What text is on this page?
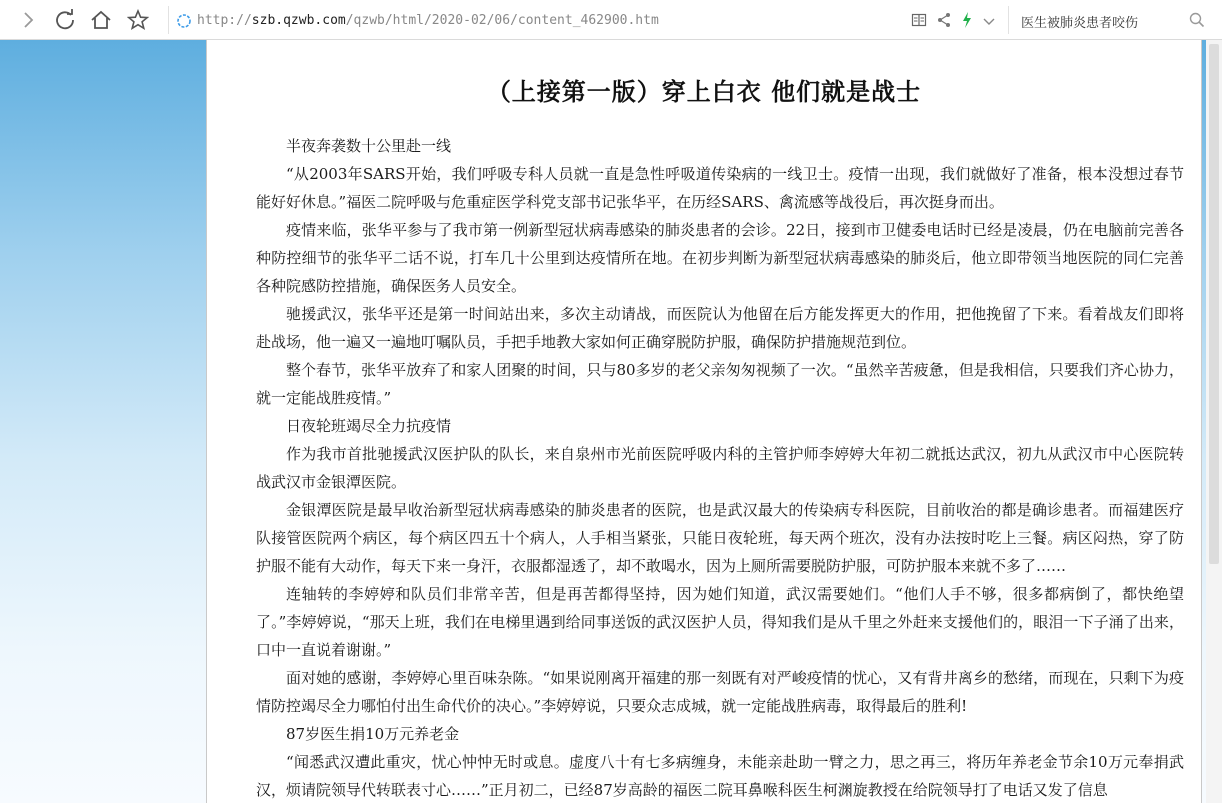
http://szb.qzwb.com/qzwb/html/2020-02/06/content_462900.htm	医生被肺炎患者咬伤
（上接第一版）穿上白衣 他们就是战士

半夜奔袭数十公里赴一线

“从2003年SARS开始，我们呼吸专科人员就一直是急性呼吸道传染病的一线卫士。疫情一出现，我们就做好了准备，根本没想过春节能好好休息。”福医二院呼吸与危重症医学科党支部书记张华平，在历经SARS、禽流感等战役后，再次挺身而出。

疫情来临，张华平参与了我市第一例新型冠状病毒感染的肺炎患者的会诊。22日，接到市卫健委电话时已经是凌晨，仍在电脑前完善各种防控细节的张华平二话不说，打车几十公里到达疫情所在地。在初步判断为新型冠状病毒感染的肺炎后，他立即带领当地医院的同仁完善各种院感防控措施，确保医务人员安全。

驰援武汉，张华平还是第一时间站出来，多次主动请战，而医院认为他留在后方能发挥更大的作用，把他挽留了下来。看着战友们即将赴战场，他一遍又一遍地叮嘱队员，手把手地教大家如何正确穿脱防护服，确保防护措施规范到位。

整个春节，张华平放弃了和家人团聚的时间，只与80多岁的老父亲匆匆视频了一次。“虽然辛苦疲惫，但是我相信，只要我们齐心协力，就一定能战胜疫情。”

日夜轮班竭尽全力抗疫情

作为我市首批驰援武汉医护队的队长，来自泉州市光前医院呼吸内科的主管护师李婷婷大年初二就抵达武汉，初九从武汉市中心医院转战武汉市金银潭医院。

金银潭医院是最早收治新型冠状病毒感染的肺炎患者的医院，也是武汉最大的传染病专科医院，目前收治的都是确诊患者。而福建医疗队接管医院两个病区，每个病区四五十个病人，人手相当紧张，只能日夜轮班，每天两个班次，没有办法按时吃上三餐。病区闷热，穿了防护服不能有大动作，每天下来一身汗，衣服都湿透了，却不敢喝水，因为上厕所需要脱防护服，可防护服本来就不多了……

连轴转的李婷婷和队员们非常辛苦，但是再苦都得坚持，因为她们知道，武汉需要她们。“他们人手不够，很多都病倒了，都快绝望了。”李婷婷说，“那天上班，我们在电梯里遇到给同事送饭的武汉医护人员，得知我们是从千里之外赶来支援他们的，眼泪一下子涌了出来，口中一直说着谢谢。”

面对她的感谢，李婷婷心里百味杂陈。“如果说刚离开福建的那一刻既有对严峻疫情的忧心，又有背井离乡的愁绪，而现在，只剩下为疫情防控竭尽全力哪怕付出生命代价的决心。”李婷婷说，只要众志成城，就一定能战胜病毒，取得最后的胜利!

87岁医生捐10万元养老金

“闻悉武汉遭此重灾，忧心忡忡无时或息。虚度八十有七多病缠身，未能亲赴助一臂之力，思之再三，将历年养老金节余10万元奉捐武汉，烦请院领导代转联表寸心……”正月初二，已经87岁高龄的福医二院耳鼻喉科医生柯渊旋教授在给院领导打了电话又发了信息
